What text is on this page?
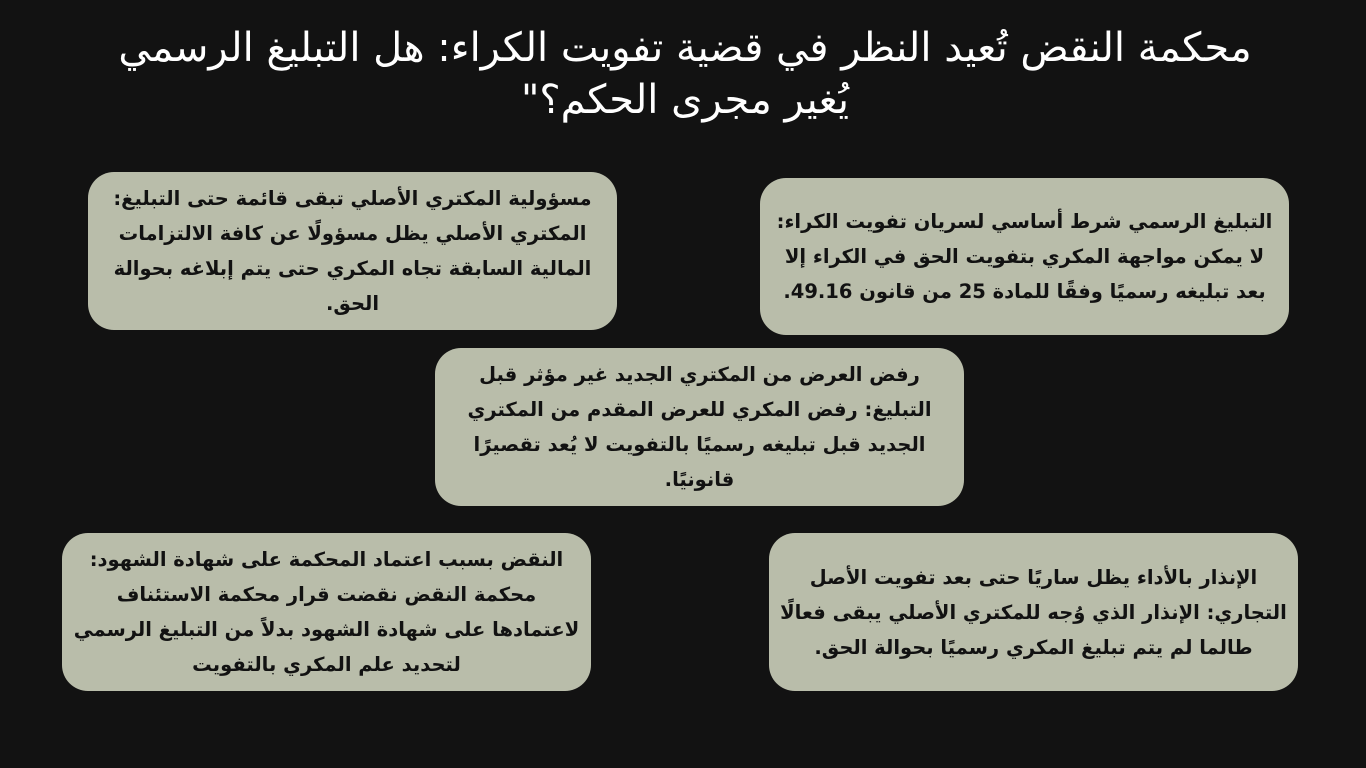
محكمة النقض تُعيد النظر في قضية تفويت الكراء: هل التبليغ الرسمي يُغير مجرى الحكم؟"

مسؤولية المكتري الأصلي تبقى قائمة حتى التبليغ: المكتري الأصلي يظل مسؤولًا عن كافة الالتزامات المالية السابقة تجاه المكري حتى يتم إبلاغه بحوالة الحق.

التبليغ الرسمي شرط أساسي لسريان تفويت الكراء: لا يمكن مواجهة المكري بتفويت الحق في الكراء إلا بعد تبليغه رسميًا وفقًا للمادة 25 من قانون 49.16.

رفض العرض من المكتري الجديد غير مؤثر قبل التبليغ: رفض المكري للعرض المقدم من المكتري الجديد قبل تبليغه رسميًا بالتفويت لا يُعد تقصيرًا قانونيًا.

النقض بسبب اعتماد المحكمة على شهادة الشهود: محكمة النقض نقضت قرار محكمة الاستئناف لاعتمادها على شهادة الشهود بدلاً من التبليغ الرسمي لتحديد علم المكري بالتفويت

الإنذار بالأداء يظل ساريًا حتى بعد تفويت الأصل التجاري: الإنذار الذي وُجه للمكتري الأصلي يبقى فعالًا طالما لم يتم تبليغ المكري رسميًا بحوالة الحق.
